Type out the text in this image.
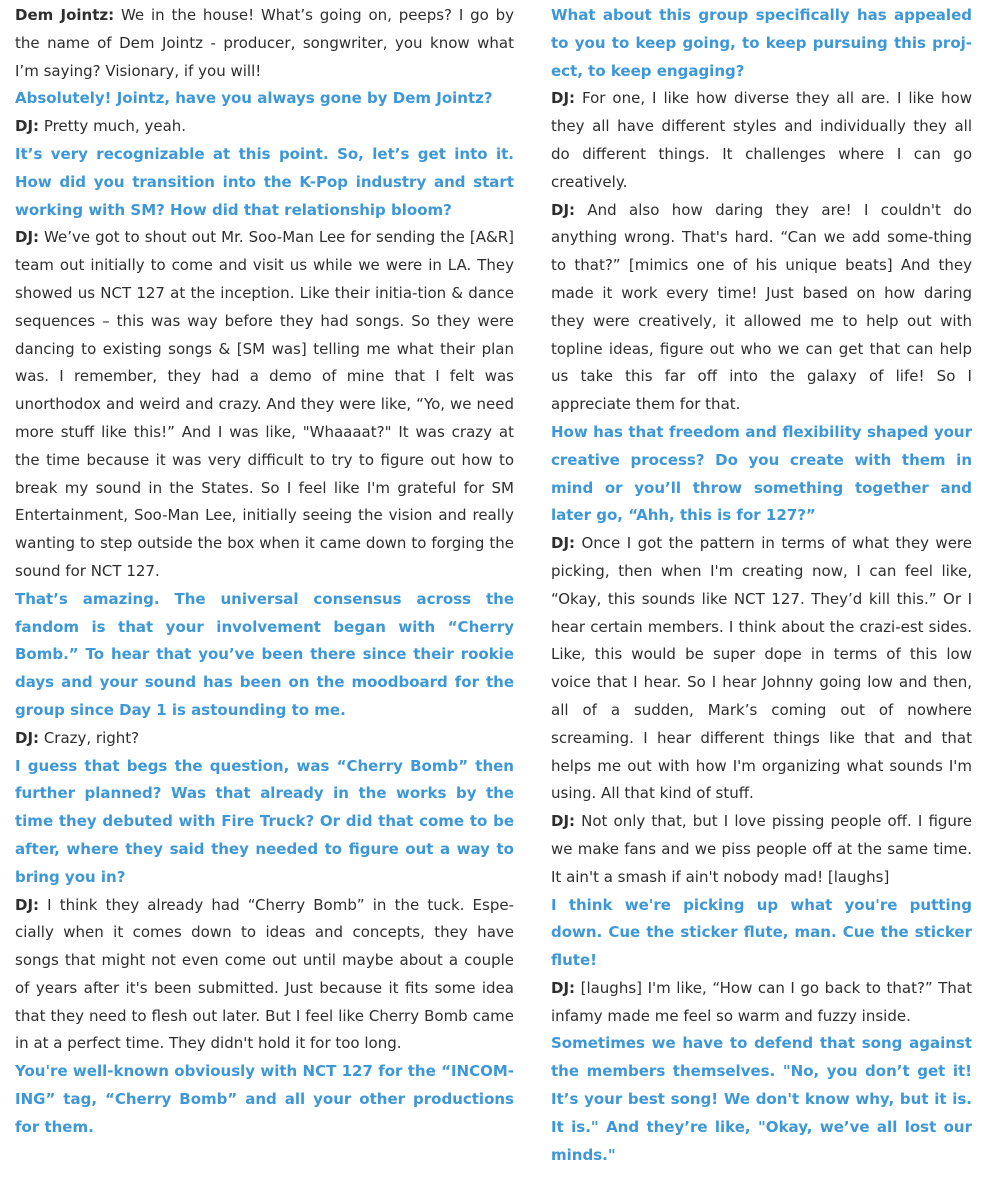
Dem Jointz: We in the house! What’s going on, peeps? I go by the name of Dem Jointz - producer, songwriter, you know what I’m saying? Visionary, if you will!

Absolutely! Jointz, have you always gone by Dem Jointz?

DJ: Pretty much, yeah.

It’s very recognizable at this point. So, let’s get into it. How did you transition into the K-Pop industry and start working with SM? How did that relationship bloom?

DJ: We’ve got to shout out Mr. Soo-Man Lee for sending the [A&R] team out initially to come and visit us while we were in LA. They showed us NCT 127 at the inception. Like their initia-tion & dance sequences – this was way before they had songs. So they were dancing to existing songs & [SM was] telling me what their plan was. I remember, they had a demo of mine that I felt was unorthodox and weird and crazy. And they were like, “Yo, we need more stuff like this!” And I was like, "Whaaaat?" It was crazy at the time because it was very difficult to try to figure out how to break my sound in the States. So I feel like I'm grateful for SM Entertainment, Soo-Man Lee, initially seeing the vision and really wanting to step outside the box when it came down to forging the sound for NCT 127.

That’s amazing. The universal consensus across the fandom is that your involvement began with “Cherry Bomb.” To hear that you’ve been there since their rookie days and your sound has been on the moodboard for the group since Day 1 is astounding to me.

DJ: Crazy, right?

I guess that begs the question, was “Cherry Bomb” then further planned? Was that already in the works by the time they debuted with Fire Truck? Or did that come to be after, where they said they needed to figure out a way to bring you in?

DJ: I think they already had “Cherry Bomb” in the tuck. Espe-cially when it comes down to ideas and concepts, they have songs that might not even come out until maybe about a couple of years after it's been submitted. Just because it fits some idea that they need to flesh out later. But I feel like Cherry Bomb came in at a perfect time. They didn't hold it for too long.

You're well-known obviously with NCT 127 for the “INCOM-ING” tag, “Cherry Bomb” and all your other productions for them.

What about this group specifically has appealed to you to keep going, to keep pursuing this proj-ect, to keep engaging?

DJ: For one, I like how diverse they all are. I like how they all have different styles and individually they all do different things. It challenges where I can go creatively.

DJ: And also how daring they are! I couldn't do anything wrong. That's hard. “Can we add some-thing to that?” [mimics one of his unique beats] And they made it work every time! Just based on how daring they were creatively, it allowed me to help out with topline ideas, figure out who we can get that can help us take this far off into the galaxy of life! So I appreciate them for that.

How has that freedom and flexibility shaped your creative process? Do you create with them in mind or you’ll throw something together and later go, “Ahh, this is for 127?”

DJ: Once I got the pattern in terms of what they were picking, then when I'm creating now, I can feel like, “Okay, this sounds like NCT 127. They’d kill this.” Or I hear certain members. I think about the crazi-est sides. Like, this would be super dope in terms of this low voice that I hear. So I hear Johnny going low and then, all of a sudden, Mark’s coming out of nowhere screaming. I hear different things like that and that helps me out with how I'm organizing what sounds I'm using. All that kind of stuff.

DJ: Not only that, but I love pissing people off. I figure we make fans and we piss people off at the same time. It ain't a smash if ain't nobody mad! [laughs]

I think we're picking up what you're putting down. Cue the sticker flute, man. Cue the sticker flute!

DJ: [laughs] I'm like, “How can I go back to that?” That infamy made me feel so warm and fuzzy inside.

Sometimes we have to defend that song against the members themselves. "No, you don’t get it! It’s your best song! We don't know why, but it is. It is." And they’re like, "Okay, we’ve all lost our minds."
